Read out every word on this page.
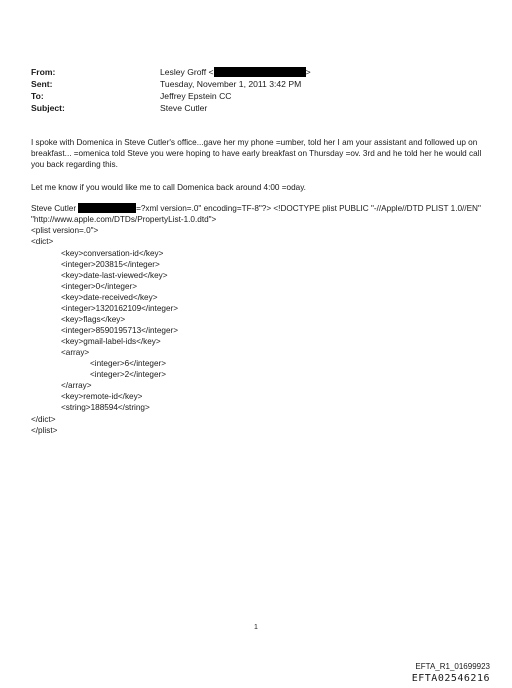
From:	Lesley Groff <	>
Sent:	Tuesday, November 1, 2011 3:42 PM
To:	Jeffrey Epstein CC
Subject:	Steve Cutler
I spoke with Domenica in Steve Cutler's office...gave her my phone =umber, told her I am your assistant and followed up on breakfast... =omenica told Steve you were hoping to have early breakfast on Thursday =ov. 3rd and he told her he would call you back regarding this.
Let me know if you would like me to call Domenica back around 4:00 =oday.
Steve Cutler	=?xml version=.0" encoding=TF-8"?> <!DOCTYPE plist PUBLIC "-//Apple//DTD PLIST 1.0//EN"
"http://www.apple.com/DTDs/PropertyList-1.0.dtd">
<plist version=.0">
<dict>
<key>conversation-id</key>
<integer>203815</integer>
<key>date-last-viewed</key>
<integer>0</integer>
<key>date-received</key>
<integer>1320162109</integer>
<key>flags</key>
<integer>8590195713</integer>
<key>gmail-label-ids</key>
<array>
<integer>6</integer>
<integer>2</integer>
</array>
<key>remote-id</key>
<string>188594</string>
</dict>
</plist>
1
EFTA_R1_01699923
EFTA02546216
